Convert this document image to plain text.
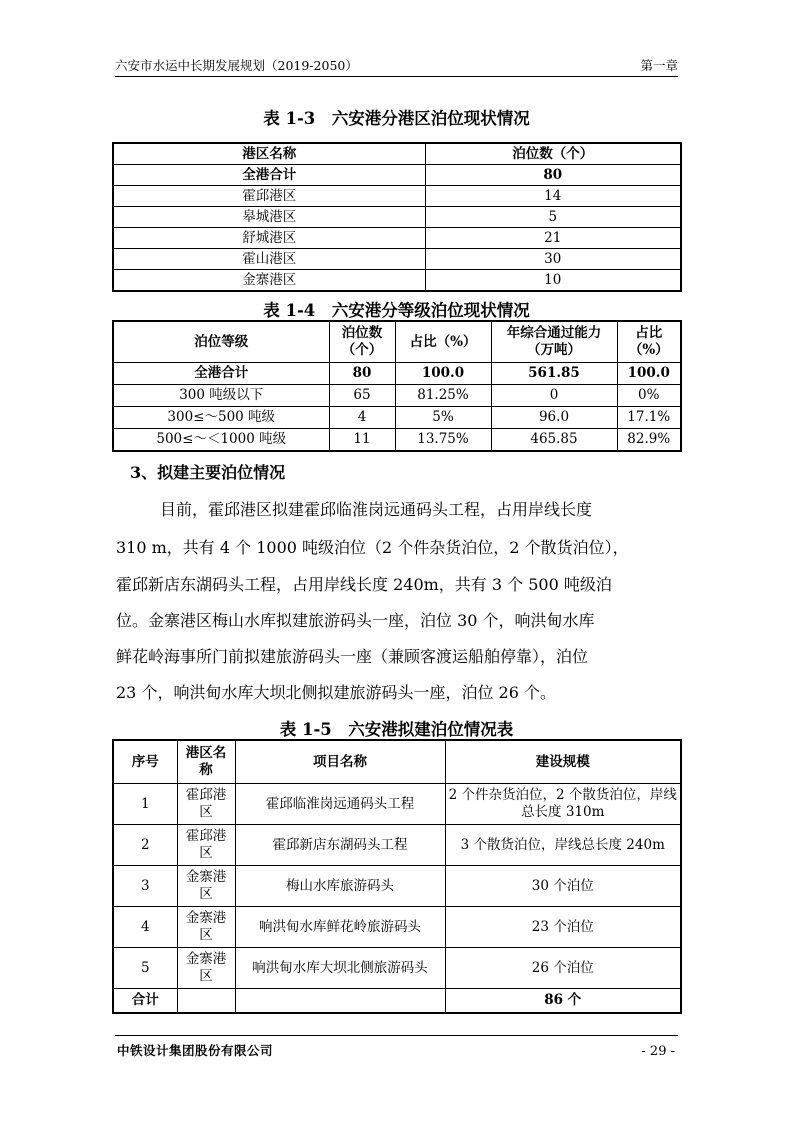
六安市水运中长期发展规划（2019-2050）	第一章
表 1-3　六安港分港区泊位现状情况
港区名称	泊位数（个）
全港合计	80
霍邱港区	14
皋城港区	5
舒城港区	21
霍山港区	30
金寨港区	10
表 1-4　六安港分等级泊位现状情况
泊位等级	泊位数（个）	占比（%）	年综合通过能力（万吨）	占比（%）
全港合计	80	100.0	561.85	100.0
300 吨级以下	65	81.25%	0	0%
300≤～500 吨级	4	5%	96.0	17.1%
500≤～＜1000 吨级	11	13.75%	465.85	82.9%
3、拟建主要泊位情况
目前，霍邱港区拟建霍邱临淮岗远通码头工程，占用岸线长度
310 m，共有 4 个 1000 吨级泊位（2 个件杂货泊位，2 个散货泊位），
霍邱新店东湖码头工程，占用岸线长度 240m，共有 3 个 500 吨级泊
位。金寨港区梅山水库拟建旅游码头一座，泊位 30 个，响洪甸水库
鲜花岭海事所门前拟建旅游码头一座（兼顾客渡运船舶停靠），泊位
23 个，响洪甸水库大坝北侧拟建旅游码头一座，泊位 26 个。
表 1-5　六安港拟建泊位情况表
序号	港区名称	项目名称	建设规模
1	霍邱港区	霍邱临淮岗远通码头工程	2 个件杂货泊位，2 个散货泊位，岸线总长度 310m
2	霍邱港区	霍邱新店东湖码头工程	3 个散货泊位，岸线总长度 240m
3	金寨港区	梅山水库旅游码头	30 个泊位
4	金寨港区	响洪甸水库鲜花岭旅游码头	23 个泊位
5	金寨港区	响洪甸水库大坝北侧旅游码头	26 个泊位
合计			86 个
中铁设计集团股份有限公司	- 29 -
